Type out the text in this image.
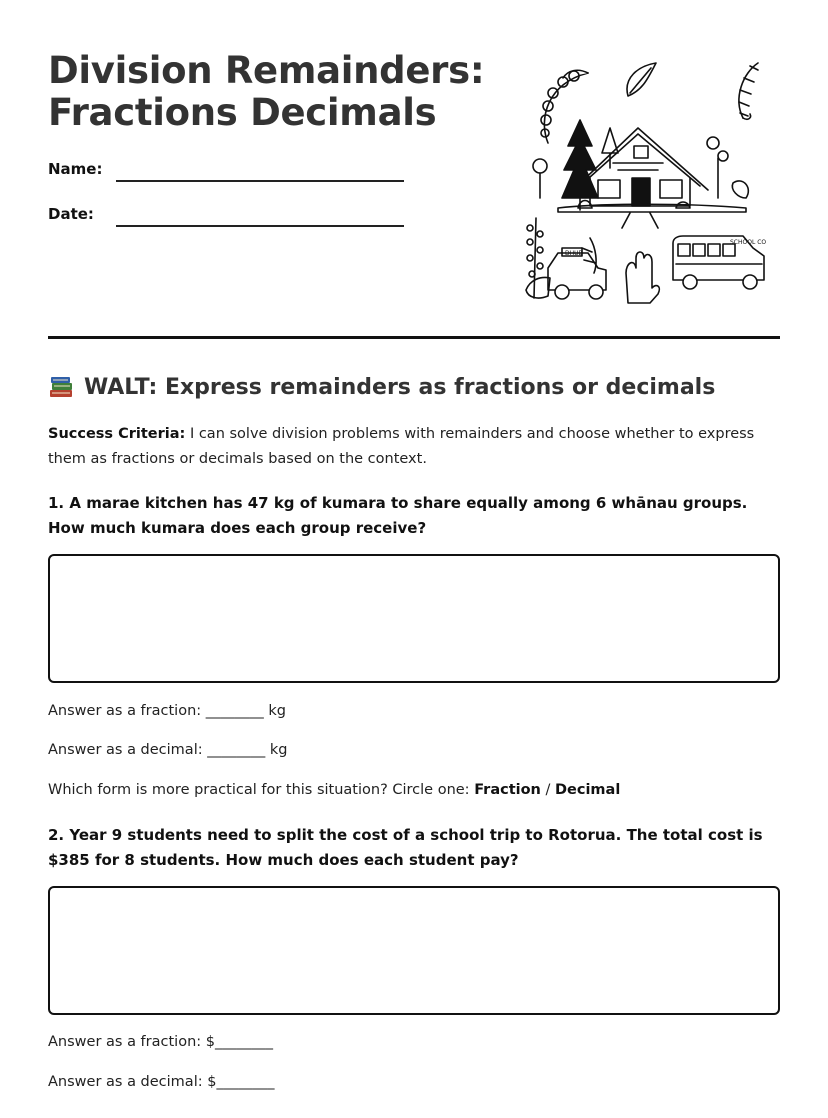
Division Remainders:
Fractions Decimals
Name:
Date:
DHUB
SCHOOL CO
WALT: Express remainders as fractions or decimals
Success Criteria: I can solve division problems with remainders and choose whether to express them as fractions or decimals based on the context.
1. A marae kitchen has 47 kg of kumara to share equally among 6 whānau groups. How much kumara does each group receive?
Answer as a fraction: ________ kg
Answer as a decimal: ________ kg
Which form is more practical for this situation? Circle one: Fraction / Decimal
2. Year 9 students need to split the cost of a school trip to Rotorua. The total cost is $385 for 8 students. How much does each student pay?
Answer as a fraction: $________
Answer as a decimal: $________
